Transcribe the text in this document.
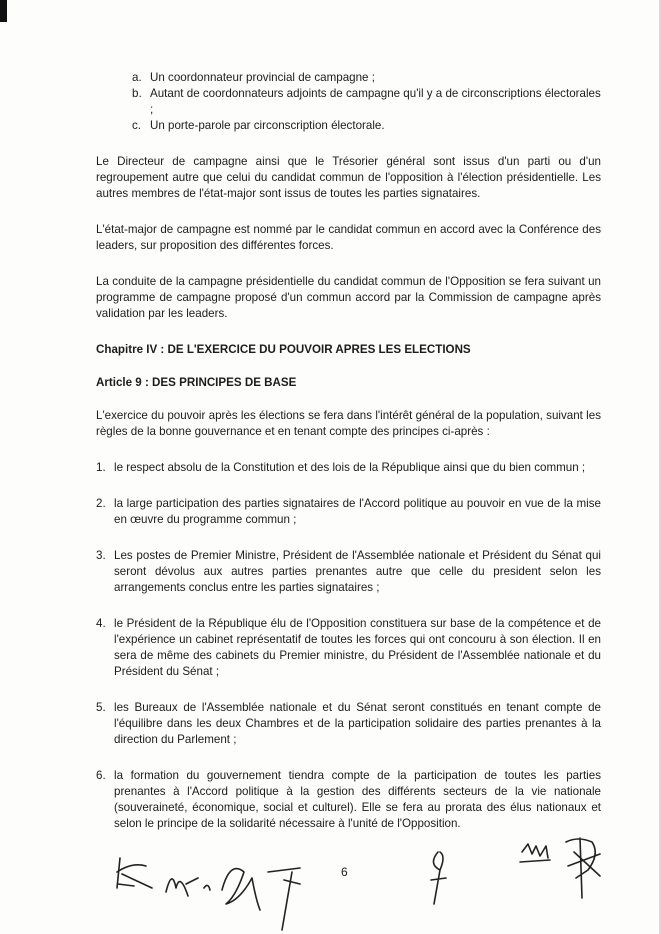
a. Un coordonnateur provincial de campagne ;
b. Autant de coordonnateurs adjoints de campagne qu'il y a de circonscriptions électorales ;
c. Un porte-parole par circonscription électorale.

Le Directeur de campagne ainsi que le Trésorier général sont issus d'un parti ou d'un regroupement autre que celui du candidat commun de l'opposition à l'élection présidentielle. Les autres membres de l'état-major sont issus de toutes les parties signataires.

L'état-major de campagne est nommé par le candidat commun en accord avec la Conférence des leaders, sur proposition des différentes forces.

La conduite de la campagne présidentielle du candidat commun de l'Opposition se fera suivant un programme de campagne proposé d'un commun accord par la Commission de campagne après validation par les leaders.

Chapitre IV : DE L'EXERCICE DU POUVOIR APRES LES ELECTIONS
Article 9 : DES PRINCIPES DE BASE

L'exercice du pouvoir après les élections se fera dans l'intérêt général de la population, suivant les règles de la bonne gouvernance et en tenant compte des principes ci-après :

1. le respect absolu de la Constitution et des lois de la République ainsi que du bien commun ;
2. la large participation des parties signataires de l'Accord politique au pouvoir en vue de la mise en œuvre du programme commun ;
3. Les postes de Premier Ministre, Président de l'Assemblée nationale et Président du Sénat qui seront dévolus aux autres parties prenantes autre que celle du president selon les arrangements conclus entre les parties signataires ;
4. le Président de la République élu de l'Opposition constituera sur base de la compétence et de l'expérience un cabinet représentatif de toutes les forces qui ont concouru à son élection. Il en sera de même des cabinets du Premier ministre, du Président de l'Assemblée nationale et du Président du Sénat ;
5. les Bureaux de l'Assemblée nationale et du Sénat seront constitués en tenant compte de l'équilibre dans les deux Chambres et de la participation solidaire des parties prenantes à la direction du Parlement ;
6. la formation du gouvernement tiendra compte de la participation de toutes les parties prenantes à l'Accord politique à la gestion des différents secteurs de la vie nationale (souveraineté, économique, social et culturel). Elle se fera au prorata des élus nationaux et selon le principe de la solidarité nécessaire à l'unité de l'Opposition.
6
